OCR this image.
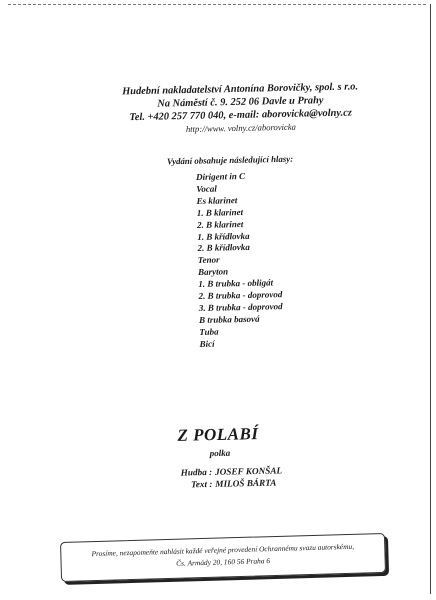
Hudební nakladatelství Antonína Borovičky, spol. s r.o.
Na Náměstí č. 9. 252 06 Davle u Prahy
Tel. +420 257 770 040, e-mail: aborovicka@volny.cz
http://www. volny.cz/aborovicka
Vydání obsahuje následující hlasy:
Dirigent in C
Vocal
Es klarinet
1. B klarinet
2. B klarinet
1. B křídlovka
2. B křídlovka
Tenor
Baryton
1. B trubka - obligát
2. B trubka - doprovod
3. B trubka - doprovod
B trubka basová
Tuba
Bicí
Z POLABÍ
polka
Hudba : JOSEF KONŠAL
Text : MILOŠ BÁRTA
Prosíme, nezapomeňte nahlásit každé veřejné provedení Ochrannému svazu autorskému,
Čs. Armády 20, 160 56 Praha 6
